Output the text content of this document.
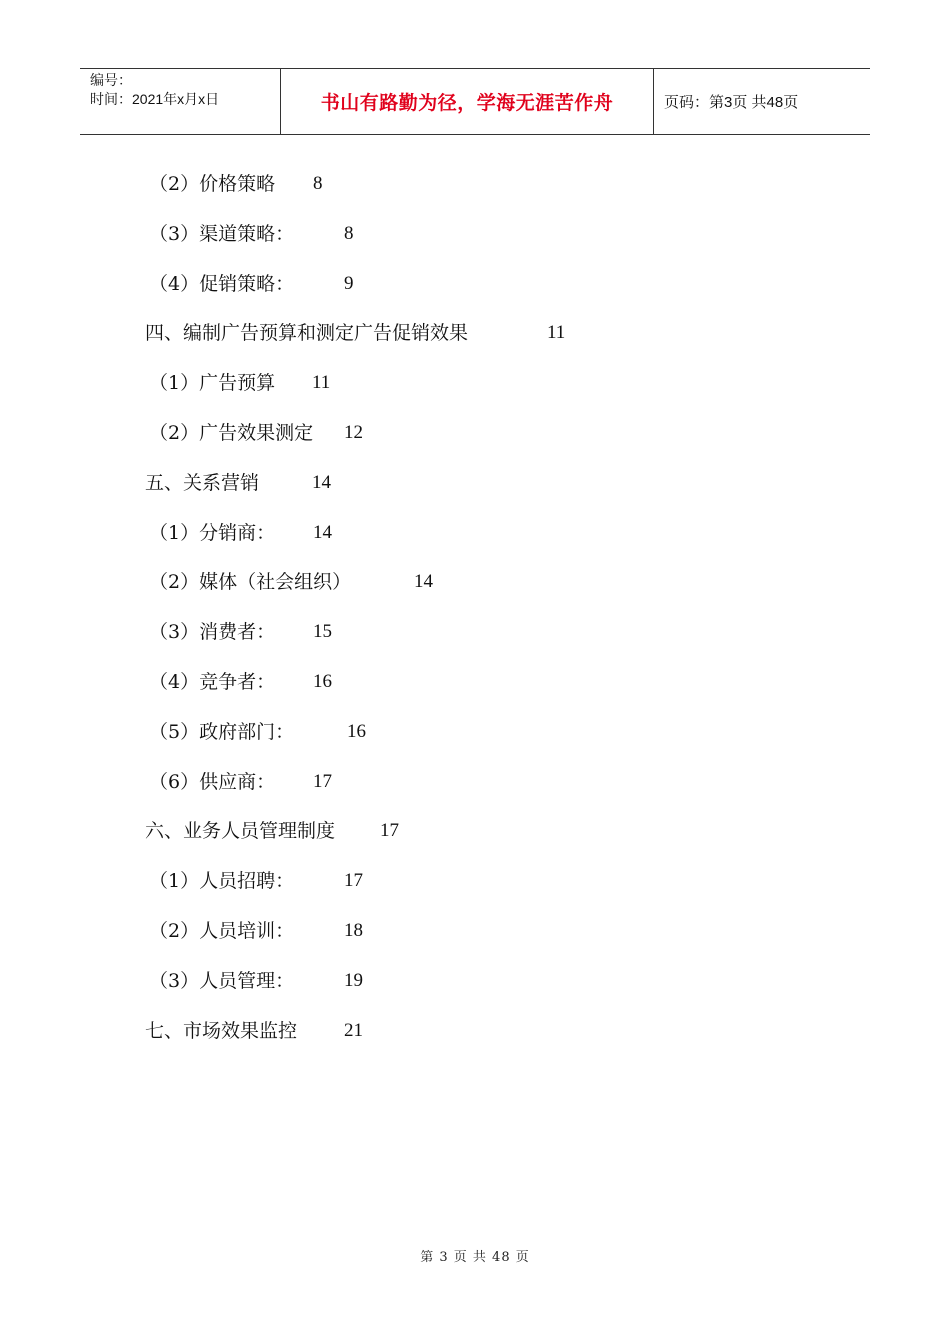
编号：
时间：2021年x月x日	书山有路勤为径，学海无涯苦作舟	页码：第3页 共48页
（2）价格策略 8
（3）渠道策略：	8
（4）促销策略：	9
四、编制广告预算和测定广告促销效果	11
（1）广告预算 11
（2）广告效果测定 12
五、关系营销	14
（1）分销商： 14
（2）媒体（社会组织）	14
（3）消费者： 15
（4）竞争者： 16
（5）政府部门：	16
（6）供应商： 17
六、业务人员管理制度 17
（1）人员招聘：	17
（2）人员培训：	18
（3）人员管理：	19
七、市场效果监控 21
第 3 页 共 48 页
